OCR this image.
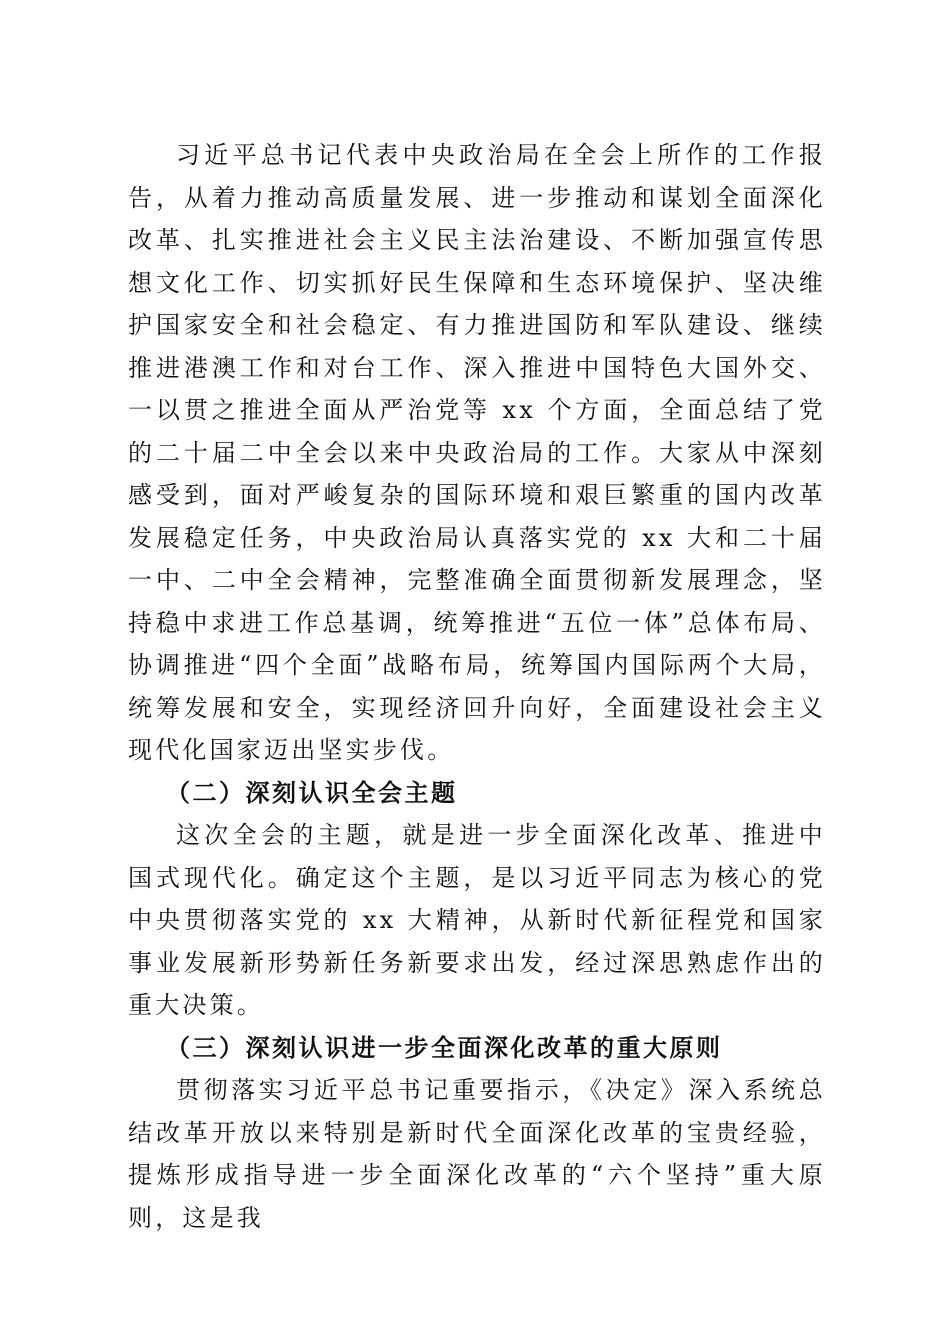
习近平总书记代表中央政治局在全会上所作的工作报告，从着力推动高质量发展、进一步推动和谋划全面深化改革、扎实推进社会主义民主法治建设、不断加强宣传思想文化工作、切实抓好民生保障和生态环境保护、坚决维护国家安全和社会稳定、有力推进国防和军队建设、继续推进港澳工作和对台工作、深入推进中国特色大国外交、一以贯之推进全面从严治党等 xx 个方面，全面总结了党的二十届二中全会以来中央政治局的工作。大家从中深刻感受到，面对严峻复杂的国际环境和艰巨繁重的国内改革发展稳定任务，中央政治局认真落实党的 xx 大和二十届一中、二中全会精神，完整准确全面贯彻新发展理念，坚持稳中求进工作总基调，统筹推进“五位一体”总体布局、协调推进“四个全面”战略布局，统筹国内国际两个大局，统筹发展和安全，实现经济回升向好，全面建设社会主义现代化国家迈出坚实步伐。

（二）深刻认识全会主题

这次全会的主题，就是进一步全面深化改革、推进中国式现代化。确定这个主题，是以习近平同志为核心的党中央贯彻落实党的 xx 大精神，从新时代新征程党和国家事业发展新形势新任务新要求出发，经过深思熟虑作出的重大决策。

（三）深刻认识进一步全面深化改革的重大原则

贯彻落实习近平总书记重要指示，《决定》深入系统总结改革开放以来特别是新时代全面深化改革的宝贵经验，提炼形成指导进一步全面深化改革的“六个坚持”重大原则，这是我
